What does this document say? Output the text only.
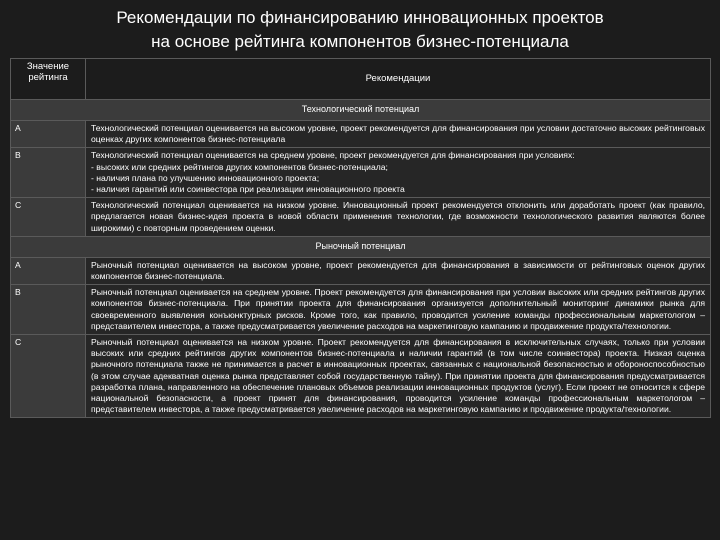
Рекомендации по финансированию инновационных проектов
на основе рейтинга компонентов бизнес-потенциала
Значение
рейтинга	Рекомендации
Технологический потенциал	
A	Технологический потенциал оценивается на высоком уровне, проект рекомендуется для финансирования при условии достаточно высоких рейтинговых оценках других компонентов бизнес-потенциала

B	Технологический потенциал оценивается на среднем уровне, проект рекомендуется для финансирования при условиях:
- высоких или средних рейтингов других компонентов бизнес-потенциала;
- наличия плана по улучшению инновационного проекта;
- наличия гарантий или соинвестора при реализации инновационного проекта

C	Технологический потенциал оценивается на низком уровне. Инновационный проект рекомендуется отклонить или доработать проект (как правило, предлагается новая бизнес-идея проекта в новой области применения технологии, где возможности технологического развития являются более широкими) с повторным проведением оценки.

Рыночный потенциал	
A	Рыночный потенциал оценивается на высоком уровне, проект рекомендуется для финансирования в зависимости от рейтинговых оценок других компонентов бизнес-потенциала.

B	Рыночный потенциал оценивается на среднем уровне. Проект рекомендуется для финансирования при условии высоких или средних рейтингов других компонентов бизнес-потенциала. При принятии проекта для финансирования организуется дополнительный мониторинг динамики рынка для своевременного выявления конъюнктурных рисков. Кроме того, как правило, проводится усиление команды профессиональным маркетологом – представителем инвестора, а также предусматривается увеличение расходов на маркетинговую кампанию и продвижение продукта/технологии.

C	Рыночный потенциал оценивается на низком уровне. Проект рекомендуется для финансирования в исключительных случаях, только при условии высоких или средних рейтингов других компонентов бизнес-потенциала и наличии гарантий (в том числе соинвестора) проекта. Низкая оценка рыночного потенциала также не принимается в расчет в инновационных проектах, связанных с национальной безопасностью и обороноспособностью (в этом случае адекватная оценка рынка представляет собой государственную тайну). При принятии проекта для финансирования предусматривается разработка плана, направленного на обеспечение плановых объемов реализации инновационных продуктов (услуг). Если проект не относится к сфере национальной безопасности, а проект принят для финансирования, проводится усиление команды профессиональным маркетологом – представителем инвестора, а также предусматривается увеличение расходов на маркетинговую кампанию и продвижение продукта/технологии.
